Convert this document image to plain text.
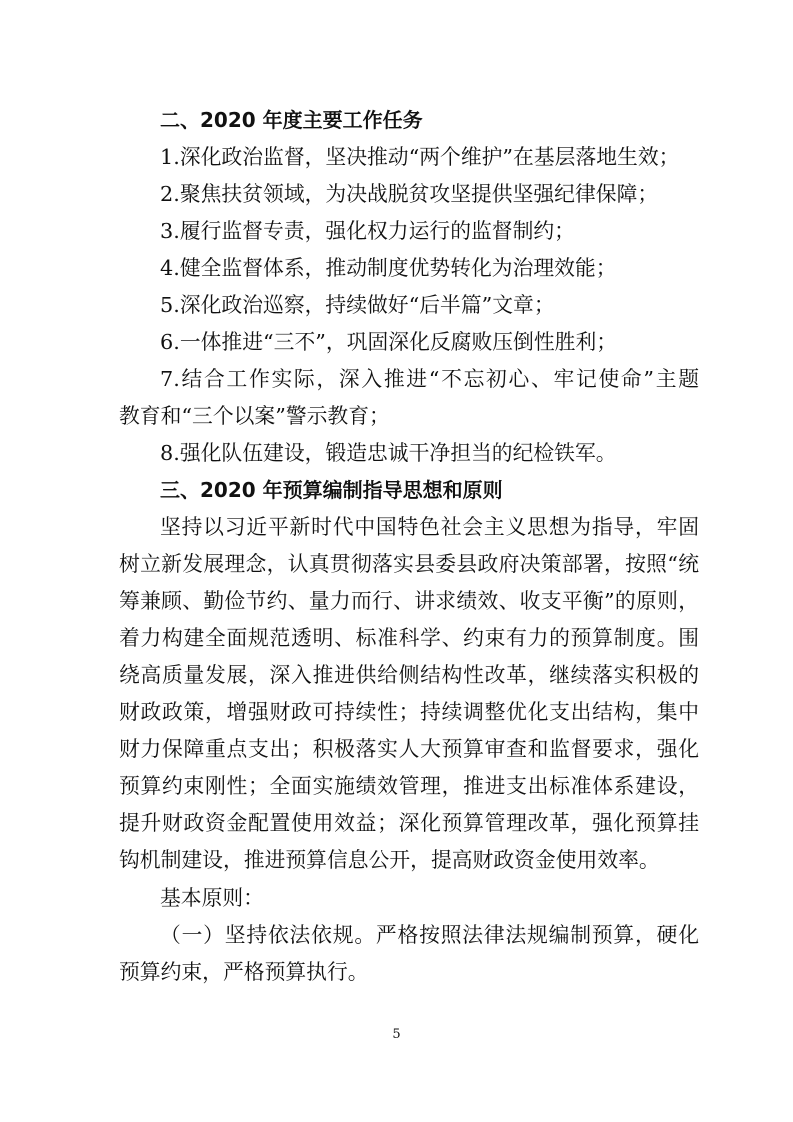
二、2020 年度主要工作任务
1.深化政治监督，坚决推动“两个维护”在基层落地生效；
2.聚焦扶贫领域，为决战脱贫攻坚提供坚强纪律保障；
3.履行监督专责，强化权力运行的监督制约；
4.健全监督体系，推动制度优势转化为治理效能；
5.深化政治巡察，持续做好“后半篇”文章；
6.一体推进“三不”，巩固深化反腐败压倒性胜利；
7.结合工作实际，深入推进“不忘初心、牢记使命”主题
教育和“三个以案”警示教育；
8.强化队伍建设，锻造忠诚干净担当的纪检铁军。
三、2020 年预算编制指导思想和原则
坚持以习近平新时代中国特色社会主义思想为指导，牢固
树立新发展理念，认真贯彻落实县委县政府决策部署，按照“统
筹兼顾、勤俭节约、量力而行、讲求绩效、收支平衡”的原则，
着力构建全面规范透明、标准科学、约束有力的预算制度。围
绕高质量发展，深入推进供给侧结构性改革，继续落实积极的
财政政策，增强财政可持续性；持续调整优化支出结构，集中
财力保障重点支出；积极落实人大预算审查和监督要求，强化
预算约束刚性；全面实施绩效管理，推进支出标准体系建设，
提升财政资金配置使用效益；深化预算管理改革，强化预算挂
钩机制建设，推进预算信息公开，提高财政资金使用效率。
基本原则：
（一）坚持依法依规。严格按照法律法规编制预算，硬化
预算约束，严格预算执行。
5
